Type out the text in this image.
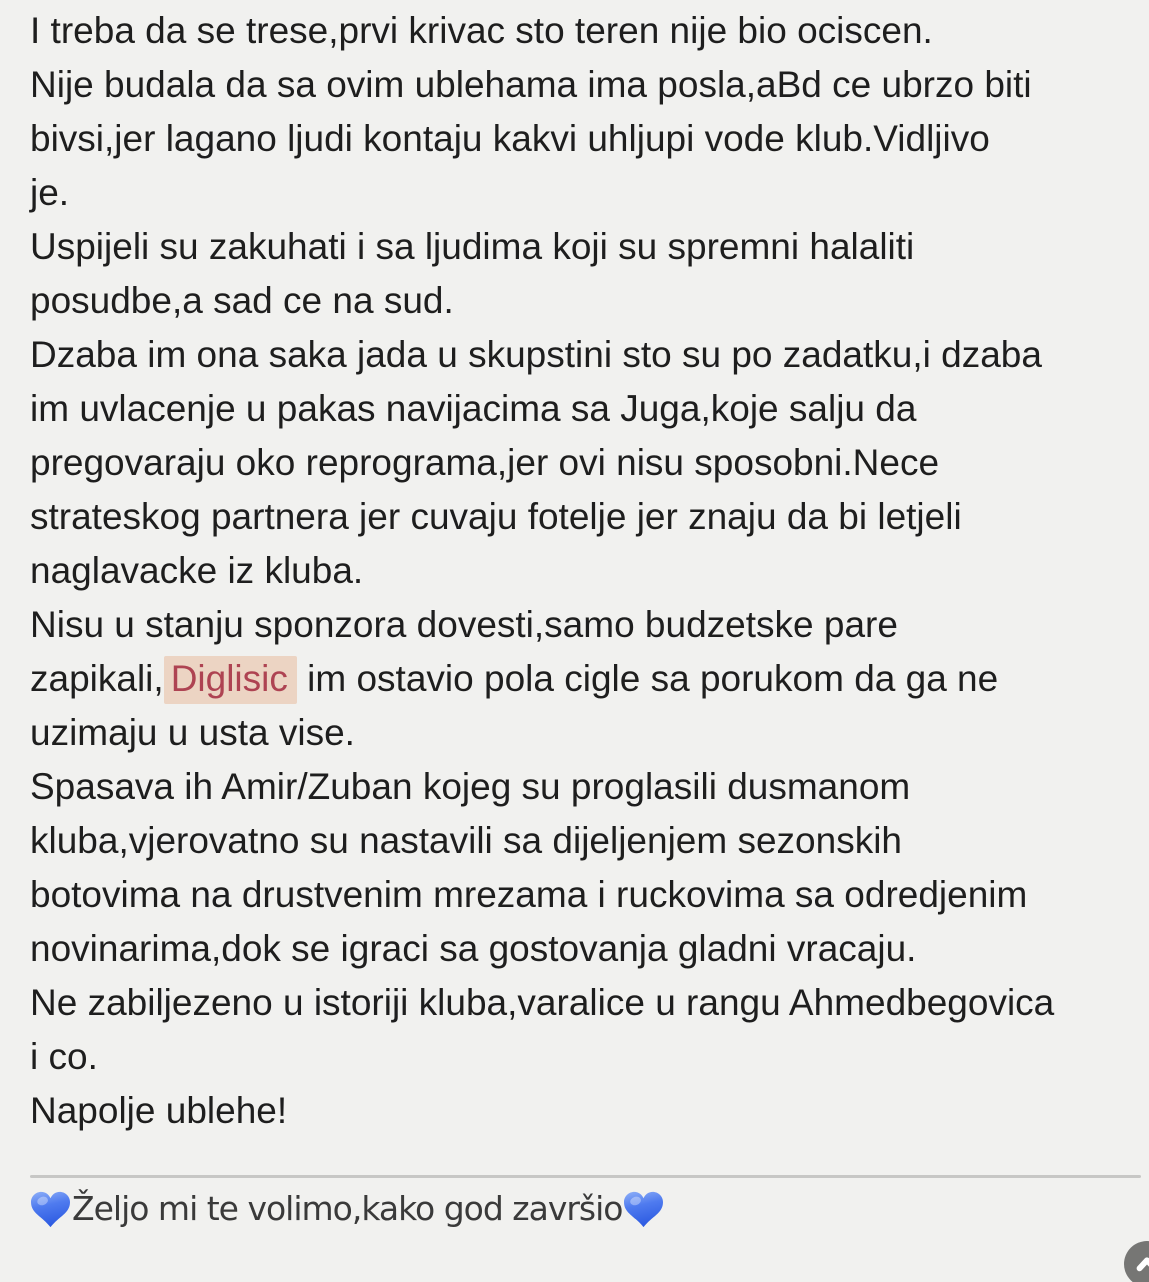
I treba da se trese,prvi krivac sto teren nije bio ociscen.
Nije budala da sa ovim ublehama ima posla,aBd ce ubrzo biti
bivsi,jer lagano ljudi kontaju kakvi uhljupi vode klub.Vidljivo
je.
Uspijeli su zakuhati i sa ljudima koji su spremni halaliti
posudbe,a sad ce na sud.
Dzaba im ona saka jada u skupstini sto su po zadatku,i dzaba
im uvlacenje u pakas navijacima sa Juga,koje salju da
pregovaraju oko reprograma,jer ovi nisu sposobni.Nece
strateskog partnera jer cuvaju fotelje jer znaju da bi letjeli
naglavacke iz kluba.
Nisu u stanju sponzora dovesti,samo budzetske pare
zapikali, Diglisic im ostavio pola cigle sa porukom da ga ne
uzimaju u usta vise.
Spasava ih Amir/Zuban kojeg su proglasili dusmanom
kluba,vjerovatno su nastavili sa dijeljenjem sezonskih
botovima na drustvenim mrezama i ruckovima sa odredjenim
novinarima,dok se igraci sa gostovanja gladni vracaju.
Ne zabiljezeno u istoriji kluba,varalice u rangu Ahmedbegovica
i co.
Napolje ublehe!
Željo mi te volimo,kako god završio
